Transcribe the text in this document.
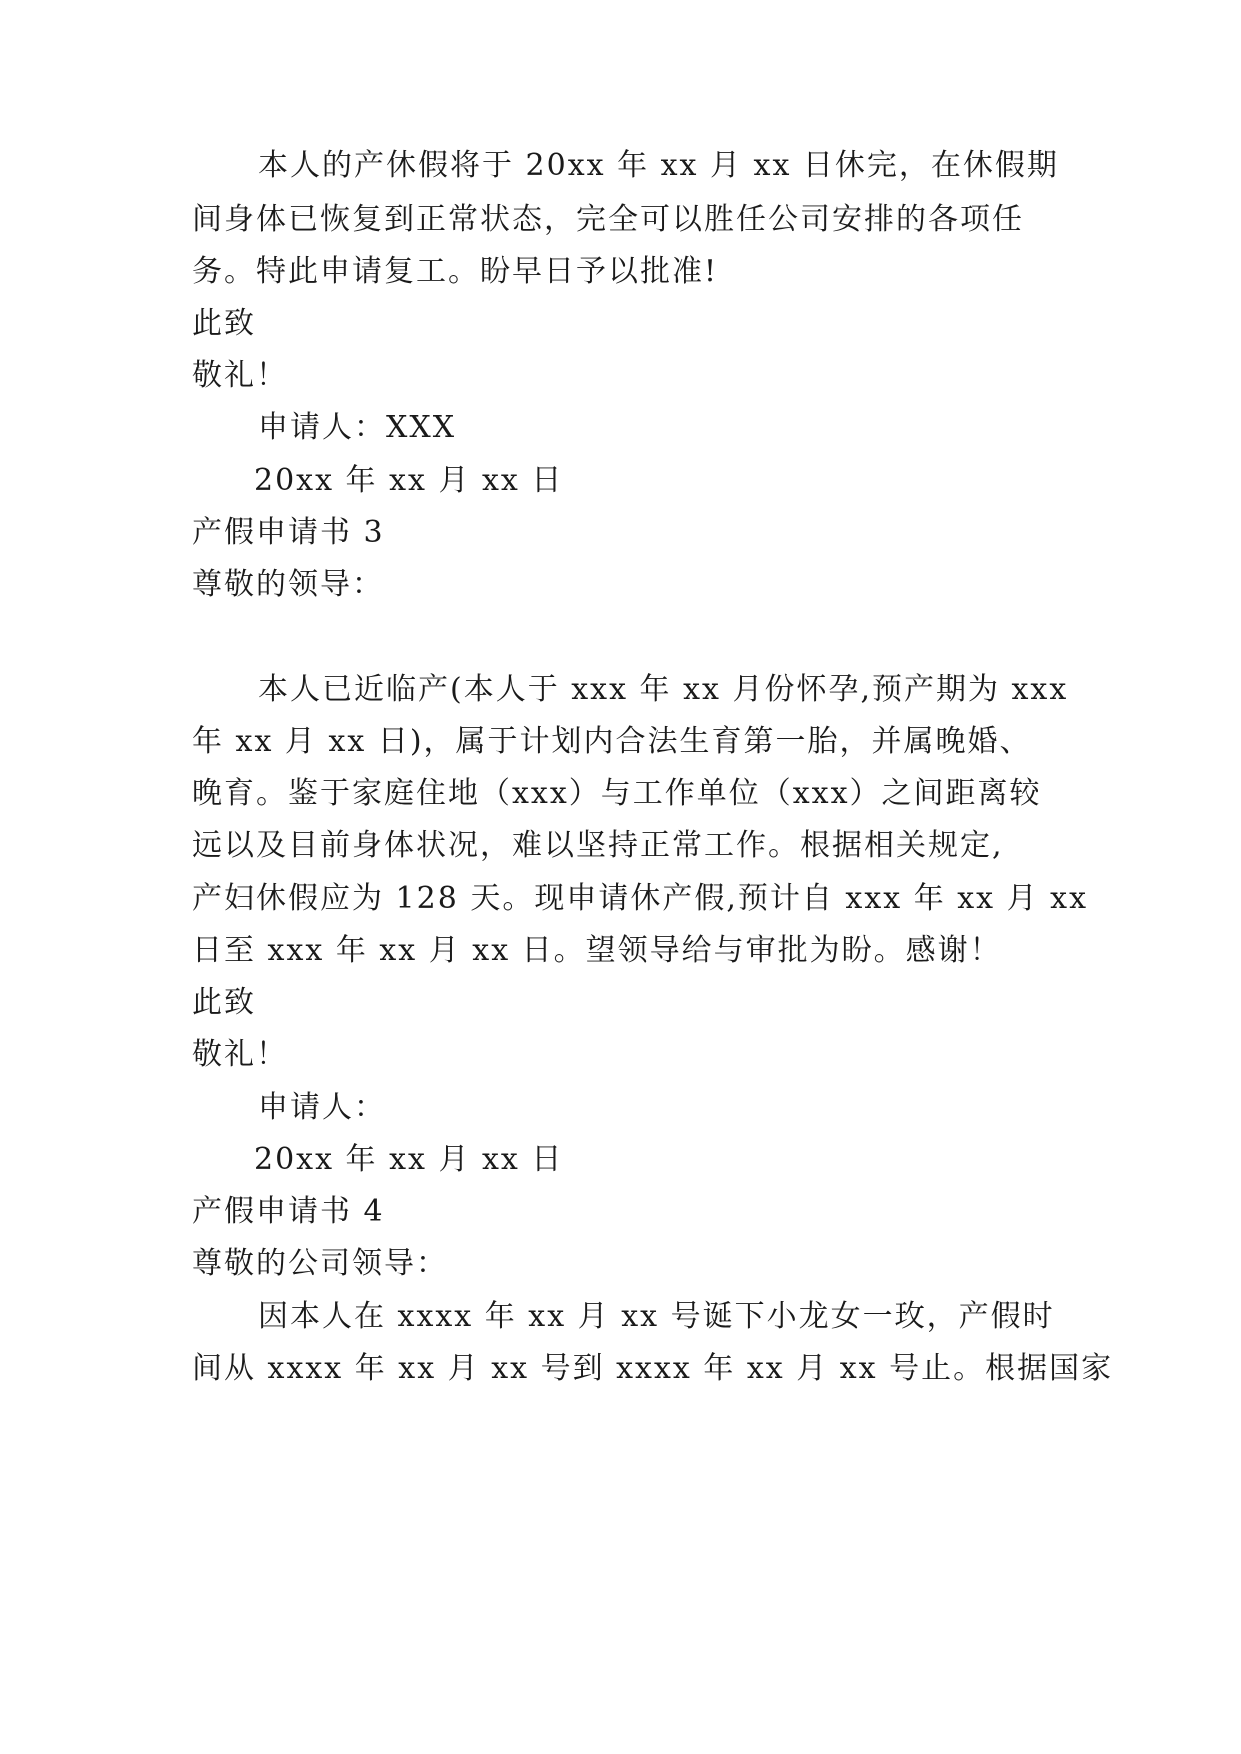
本人的产休假将于 20xx 年 xx 月 xx 日休完，在休假期
间身体已恢复到正常状态，完全可以胜任公司安排的各项任
务。特此申请复工。盼早日予以批准!
此致
敬礼！
申请人：XXX
20xx 年 xx 月 xx 日
产假申请书 3
尊敬的领导：
本人已近临产(本人于 xxx 年 xx 月份怀孕,预产期为 xxx
年 xx 月 xx 日)，属于计划内合法生育第一胎，并属晚婚、
晚育。鉴于家庭住地（xxx）与工作单位（xxx）之间距离较
远以及目前身体状况，难以坚持正常工作。根据相关规定,
产妇休假应为 128 天。现申请休产假,预计自 xxx 年 xx 月 xx
日至 xxx 年 xx 月 xx 日。望领导给与审批为盼。感谢！
此致
敬礼！
申请人：
20xx 年 xx 月 xx 日
产假申请书 4
尊敬的公司领导：
因本人在 xxxx 年 xx 月 xx 号诞下小龙女一玫，产假时
间从 xxxx 年 xx 月 xx 号到 xxxx 年 xx 月 xx 号止。根据国家
